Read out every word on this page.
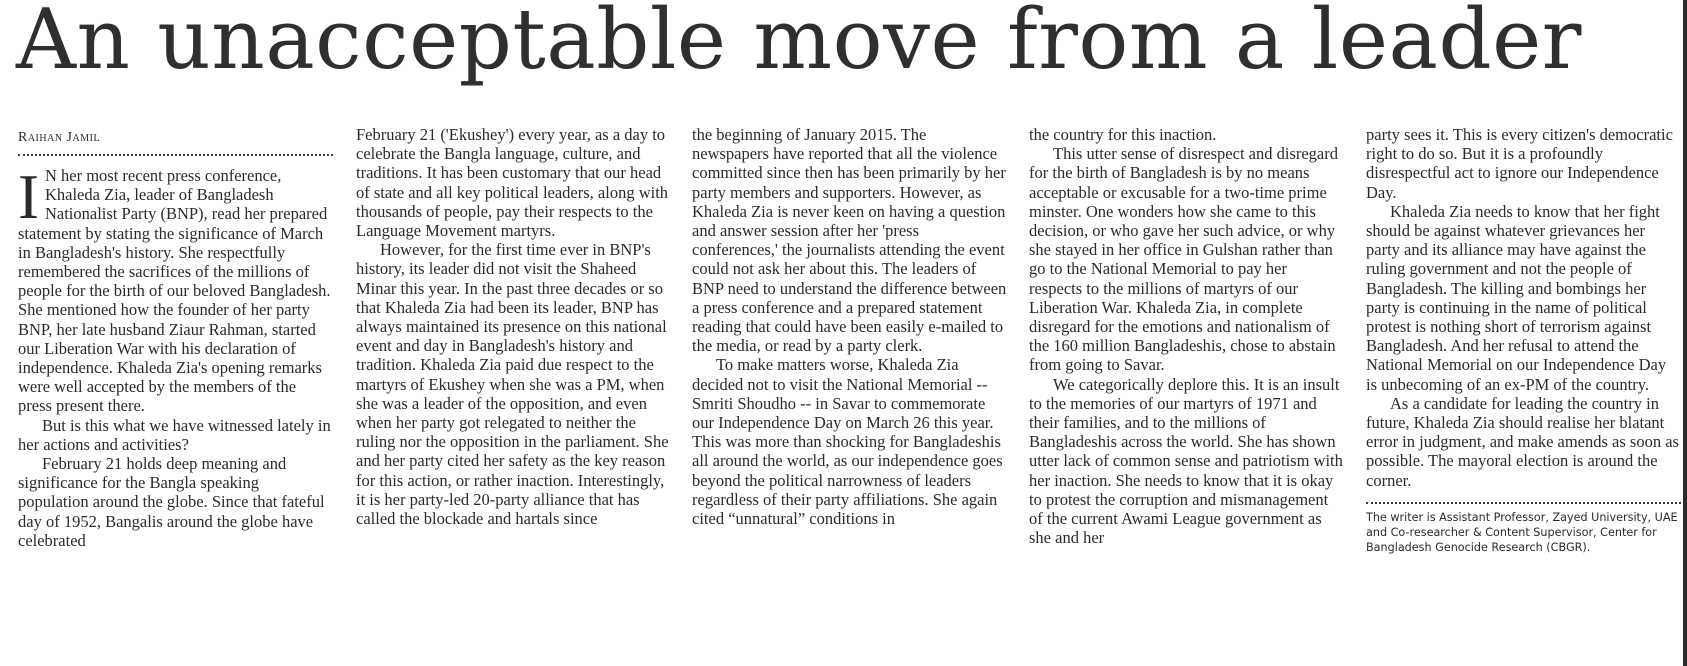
An unacceptable move from a leader
Raihan Jamil

I N her most recent press conference, Khaleda Zia, leader of Bangladesh Nationalist Party (BNP), read her prepared statement by stating the significance of March in Bangladesh's history. She respectfully remembered the sacrifices of the millions of people for the birth of our beloved Bangladesh. She mentioned how the founder of her party BNP, her late husband Ziaur Rahman, started our Liberation War with his declaration of independence. Khaleda Zia's opening remarks were well accepted by the members of the press present there.

But is this what we have witnessed lately in her actions and activities?

February 21 holds deep meaning and significance for the Bangla speaking population around the globe. Since that fateful day of 1952, Bangalis around the globe have celebrated

February 21 ('Ekushey') every year, as a day to celebrate the Bangla language, culture, and traditions. It has been customary that our head of state and all key political leaders, along with thousands of people, pay their respects to the Language Movement martyrs.

However, for the first time ever in BNP's history, its leader did not visit the Shaheed Minar this year. In the past three decades or so that Khaleda Zia had been its leader, BNP has always maintained its presence on this national event and day in Bangladesh's history and tradition. Khaleda Zia paid due respect to the martyrs of Ekushey when she was a PM, when she was a leader of the opposition, and even when her party got relegated to neither the ruling nor the opposition in the parliament. She and her party cited her safety as the key reason for this action, or rather inaction. Interestingly, it is her party-led 20-party alliance that has called the blockade and hartals since

the beginning of January 2015. The newspapers have reported that all the violence committed since then has been primarily by her party members and supporters. However, as Khaleda Zia is never keen on having a question and answer session after her 'press conferences,' the journalists attending the event could not ask her about this. The leaders of BNP need to understand the difference between a press conference and a prepared statement reading that could have been easily e-mailed to the media, or read by a party clerk.

To make matters worse, Khaleda Zia decided not to visit the National Memorial -- Smriti Shoudho -- in Savar to commemorate our Independence Day on March 26 this year. This was more than shocking for Bangladeshis all around the world, as our independence goes beyond the political narrowness of leaders regardless of their party affiliations. She again cited “unnatural” conditions in

the country for this inaction.

This utter sense of disrespect and disregard for the birth of Bangladesh is by no means acceptable or excusable for a two-time prime minster. One wonders how she came to this decision, or who gave her such advice, or why she stayed in her office in Gulshan rather than go to the National Memorial to pay her respects to the millions of martyrs of our Liberation War. Khaleda Zia, in complete disregard for the emotions and nationalism of the 160 million Bangladeshis, chose to abstain from going to Savar.

We categorically deplore this. It is an insult to the memories of our martyrs of 1971 and their families, and to the millions of Bangladeshis across the world. She has shown utter lack of common sense and patriotism with her inaction. She needs to know that it is okay to protest the corruption and mismanagement of the current Awami League government as she and her

party sees it. This is every citizen's democratic right to do so. But it is a profoundly disrespectful act to ignore our Independence Day.

Khaleda Zia needs to know that her fight should be against whatever grievances her party and its alliance may have against the ruling government and not the people of Bangladesh. The killing and bombings her party is continuing in the name of political protest is nothing short of terrorism against Bangladesh. And her refusal to attend the National Memorial on our Independence Day is unbecoming of an ex-PM of the country.

As a candidate for leading the country in future, Khaleda Zia should realise her blatant error in judgment, and make amends as soon as possible. The mayoral election is around the corner.

The writer is Assistant Professor, Zayed University, UAE and Co-researcher & Content Supervisor, Center for Bangladesh Genocide Research (CBGR).
